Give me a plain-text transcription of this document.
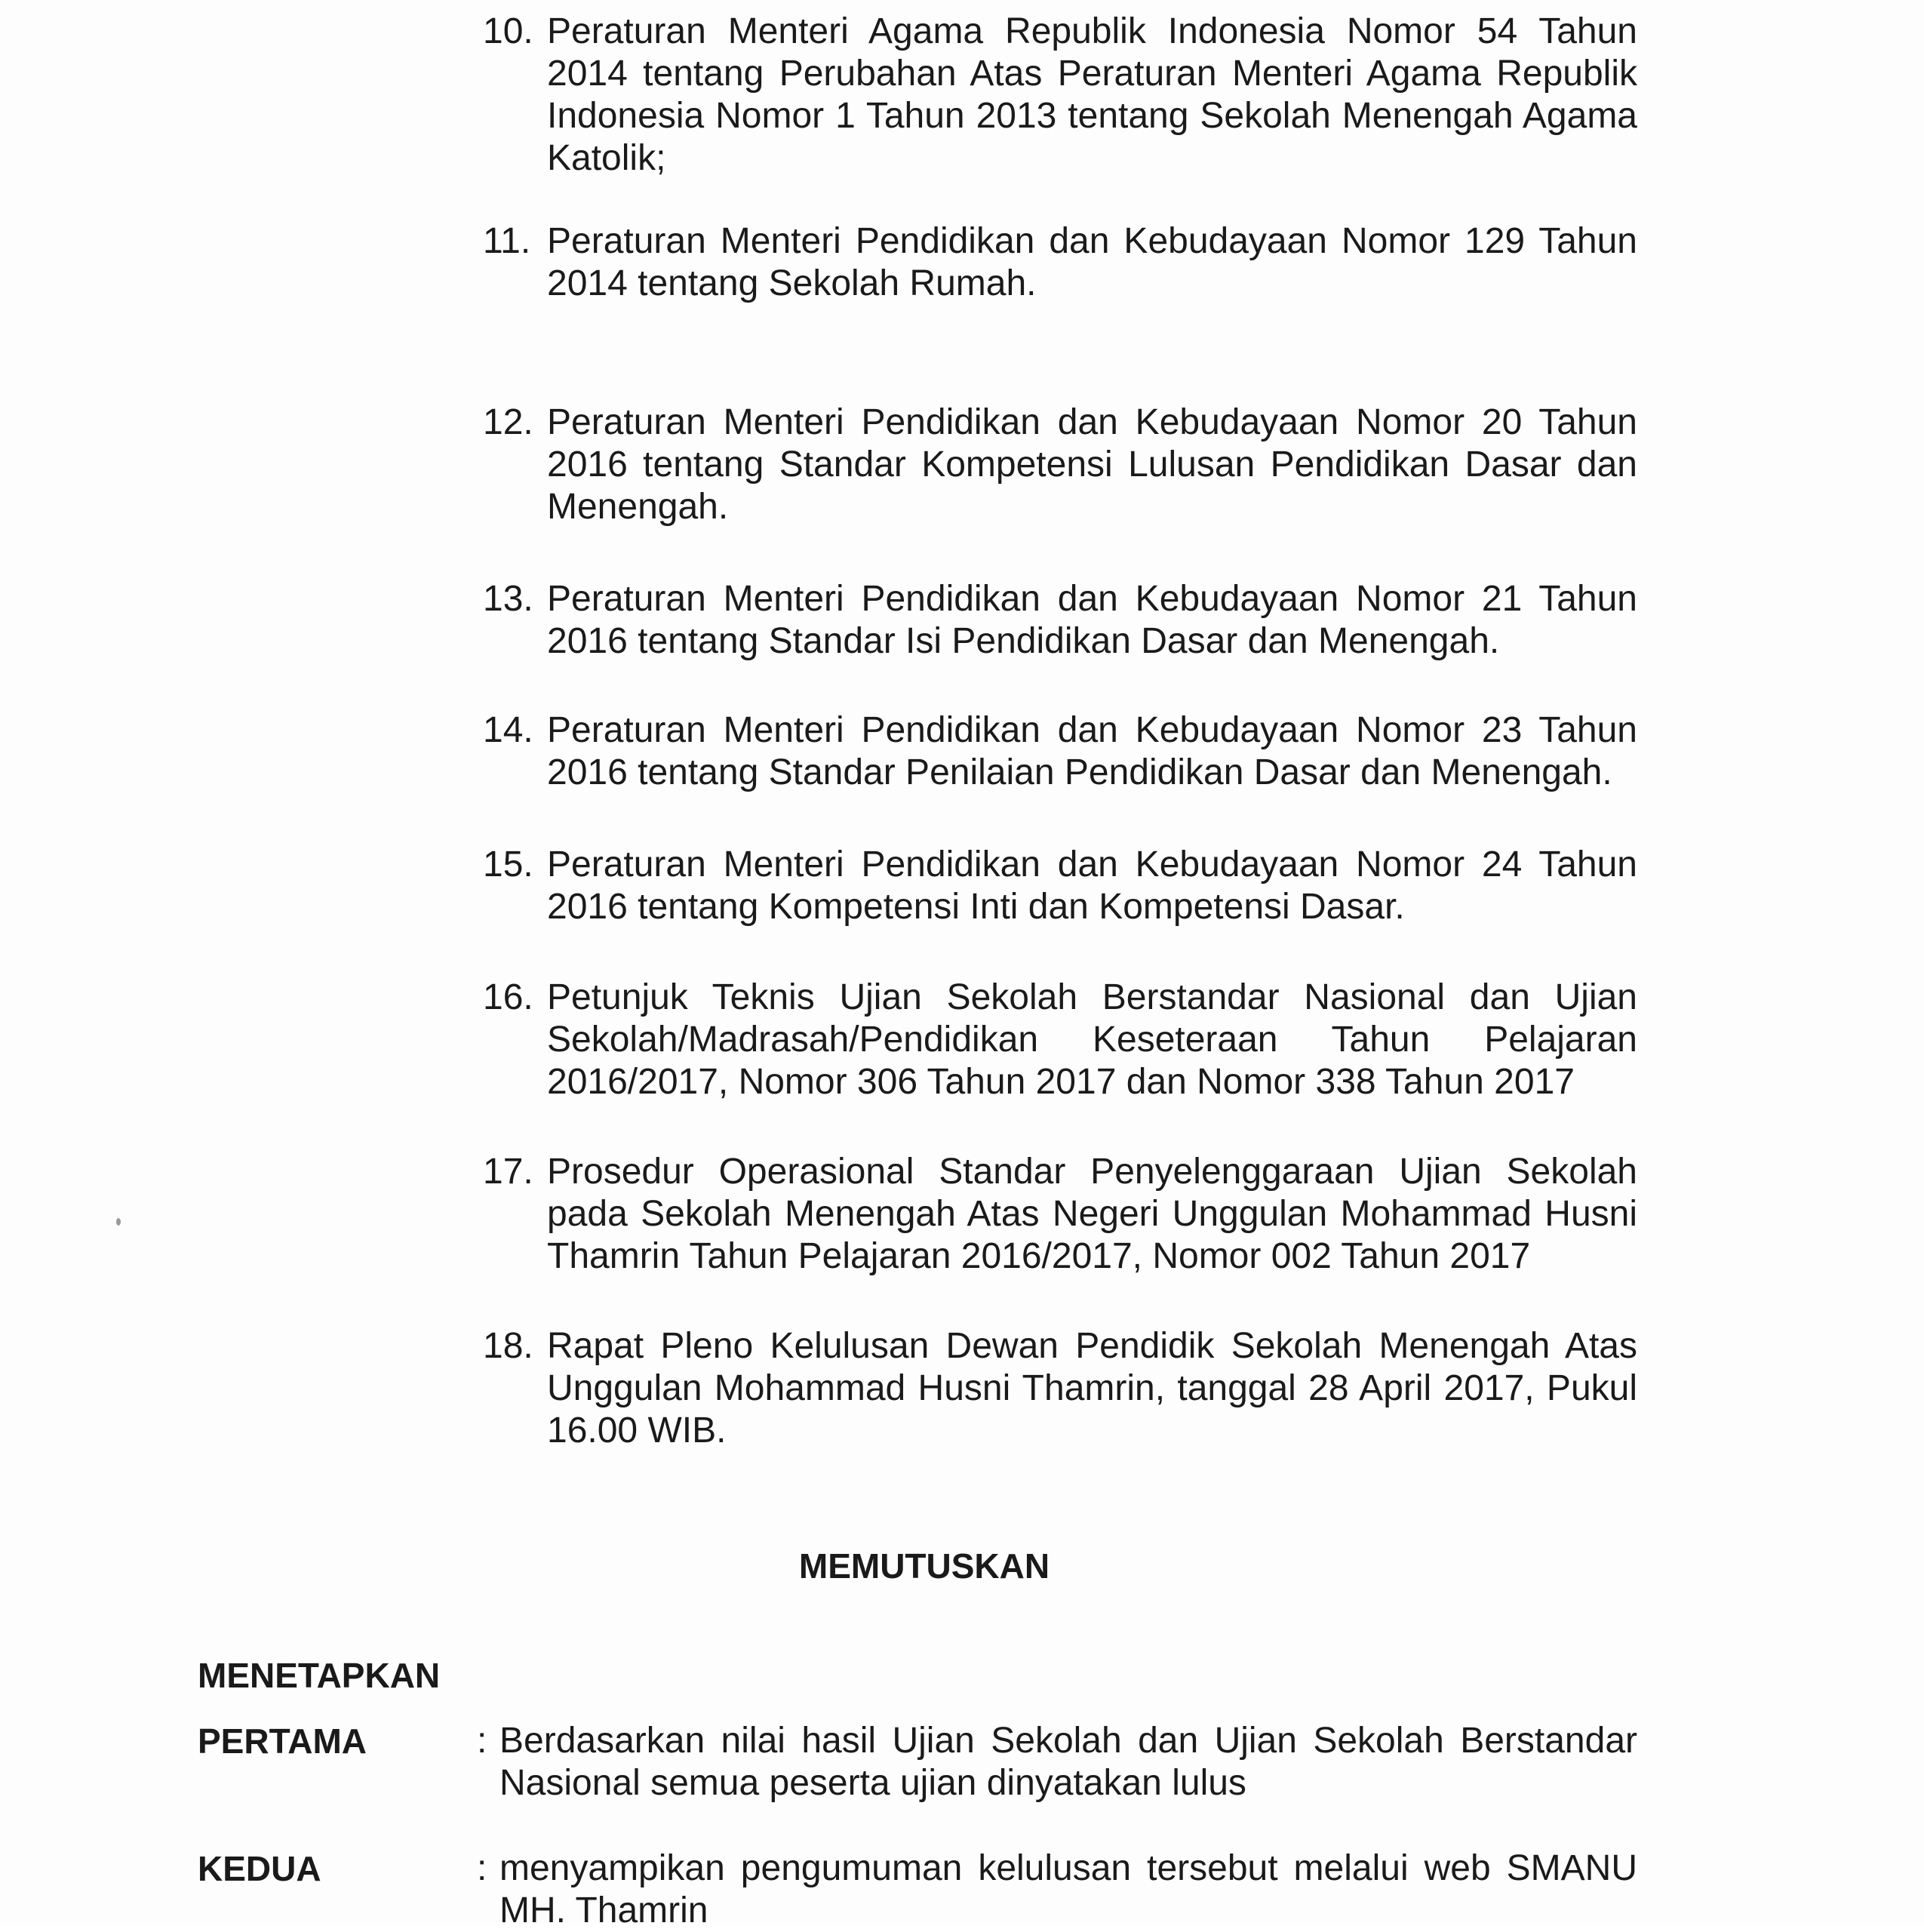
10. Peraturan Menteri Agama Republik Indonesia Nomor 54 Tahun 2014 tentang Perubahan Atas Peraturan Menteri Agama Republik Indonesia Nomor 1 Tahun 2013 tentang Sekolah Menengah Agama Katolik;
11. Peraturan Menteri Pendidikan dan Kebudayaan Nomor 129 Tahun 2014 tentang Sekolah Rumah.
12. Peraturan Menteri Pendidikan dan Kebudayaan Nomor 20 Tahun 2016 tentang Standar Kompetensi Lulusan Pendidikan Dasar dan Menengah.
13. Peraturan Menteri Pendidikan dan Kebudayaan Nomor 21 Tahun 2016 tentang Standar Isi Pendidikan Dasar dan Menengah.
14. Peraturan Menteri Pendidikan dan Kebudayaan Nomor 23 Tahun 2016 tentang Standar Penilaian Pendidikan Dasar dan Menengah.
15. Peraturan Menteri Pendidikan dan Kebudayaan Nomor 24 Tahun 2016 tentang Kompetensi Inti dan Kompetensi Dasar.
16. Petunjuk Teknis Ujian Sekolah Berstandar Nasional dan Ujian Sekolah/Madrasah/Pendidikan Keseteraan Tahun Pelajaran 2016/2017, Nomor 306 Tahun 2017 dan Nomor 338 Tahun 2017
17. Prosedur Operasional Standar Penyelenggaraan Ujian Sekolah pada Sekolah Menengah Atas Negeri Unggulan Mohammad Husni Thamrin Tahun Pelajaran 2016/2017, Nomor 002 Tahun 2017
18. Rapat Pleno Kelulusan Dewan Pendidik Sekolah Menengah Atas Unggulan Mohammad Husni Thamrin, tanggal 28 April 2017, Pukul 16.00 WIB.
MEMUTUSKAN
MENETAPKAN
PERTAMA	: Berdasarkan nilai hasil Ujian Sekolah dan Ujian Sekolah Berstandar Nasional semua peserta ujian dinyatakan lulus
KEDUA	: menyampikan pengumuman kelulusan tersebut melalui web SMANU MH. Thamrin
